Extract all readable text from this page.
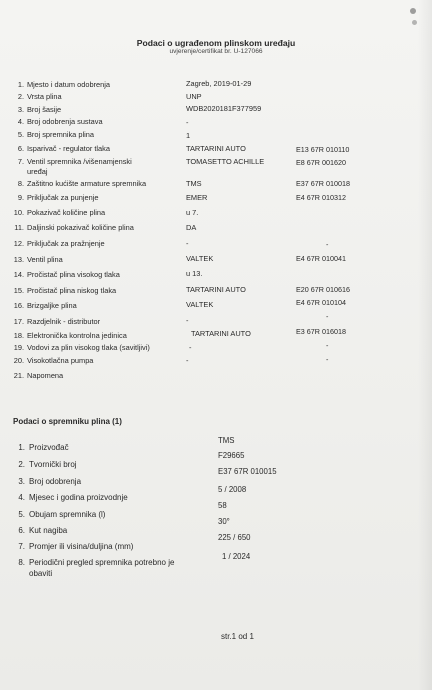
Podaci o ugrađenom plinskom uređaju
uvjerenje/certifikat br. U-127066
1. Mjesto i datum odobrenja
2. Vrsta plina
3. Broj šasije
4. Broj odobrenja sustava
5. Broj spremnika plina
6. Isparivač - regulator tlaka
7. Ventil spremnika /višenamjenski
uređaj
8. Zaštitno kućište armature spremnika
9. Priključak za punjenje
10. Pokazivač količine plina
11. Daljinski pokazivač količine plina
12. Priključak za pražnjenje
13. Ventil plina
14. Pročistač plina visokog tlaka
15. Pročistač plina niskog tlaka
16. Brizgaljke plina
17. Razdjelnik - distributor
18. Elektronička kontrolna jedinica
19. Vodovi za plin visokog tlaka (savitljivi)
20. Visokotlačna pumpa
21. Napomena
Zagreb, 2019-01-29
UNP
WDB2020181F377959
-
1
TARTARINI AUTO
TOMASETTO ACHILLE
TMS
EMER
u 7.
DA
-
VALTEK
u 13.
TARTARINI AUTO
VALTEK
-
TARTARINI AUTO
-
-
E13 67R 010110
E8 67R 001620
E37 67R 010018
E4 67R 010312
-
E4 67R 010041
E20 67R 010616
E4 67R 010104
-
E3 67R 016018
-
-
Podaci o spremniku plina (1)
1. Proizvođač
2. Tvornički broj
3. Broj odobrenja
4. Mjesec i godina proizvodnje
5. Obujam spremnika (l)
6. Kut nagiba
7. Promjer ili visina/duljina (mm)
8. Periodični pregled spremnika potrebno je
obaviti
TMS
F29665
E37 67R 010015
5 / 2008
58
30°
225 / 650
1 / 2024
str.1 od 1
